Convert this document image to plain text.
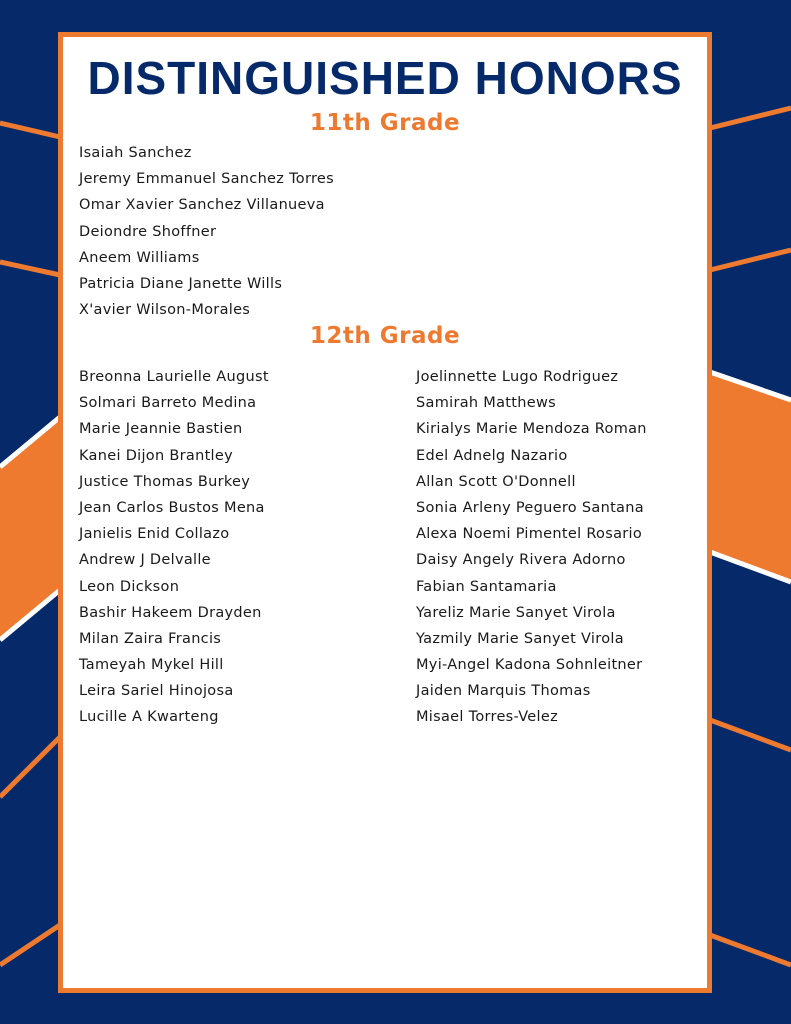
DISTINGUISHED HONORS
11th Grade
Isaiah Sanchez
Jeremy Emmanuel Sanchez Torres
Omar Xavier Sanchez Villanueva
Deiondre Shoffner
Aneem Williams
Patricia Diane Janette Wills
X'avier Wilson-Morales
12th Grade
Breonna Laurielle August
Solmari Barreto Medina
Marie Jeannie Bastien
Kanei Dijon Brantley
Justice Thomas Burkey
Jean Carlos Bustos Mena
Janielis Enid Collazo
Andrew J Delvalle
Leon Dickson
Bashir Hakeem Drayden
Milan Zaira Francis
Tameyah Mykel Hill
Leira Sariel Hinojosa
Lucille A Kwarteng
Joelinnette Lugo Rodriguez
Samirah Matthews
Kirialys Marie Mendoza Roman
Edel Adnelg Nazario
Allan Scott O'Donnell
Sonia Arleny Peguero Santana
Alexa Noemi Pimentel Rosario
Daisy Angely Rivera Adorno
Fabian Santamaria
Yareliz Marie Sanyet Virola
Yazmily Marie Sanyet Virola
Myi-Angel Kadona Sohnleitner
Jaiden Marquis Thomas
Misael Torres-Velez
